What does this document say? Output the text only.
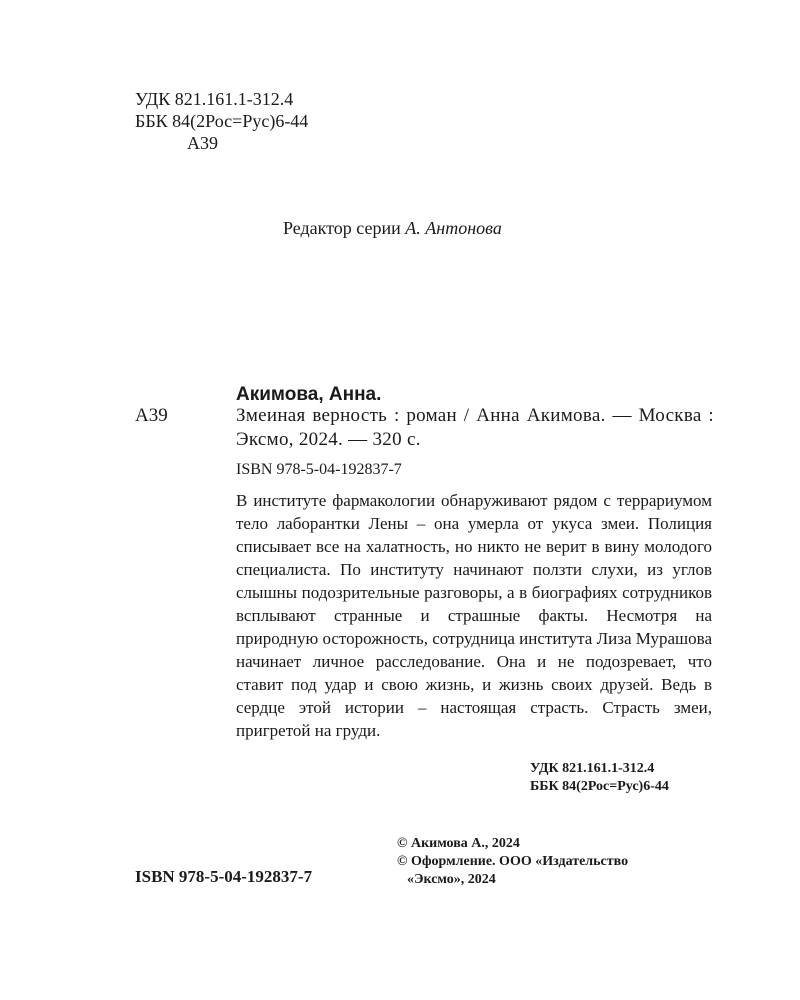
УДК 821.161.1-312.4
ББК 84(2Рос=Рус)6-44
А39
Редактор серии А. Антонова
Акимова, Анна.
А39	Змеиная верность : роман / Анна Акимова. — Москва : Эксмо, 2024. — 320 с.
ISBN 978-5-04-192837-7

В институте фармакологии обнаруживают рядом с террариумом тело лаборантки Лены – она умерла от укуса змеи. Полиция списывает все на халатность, но никто не верит в вину молодого специалиста. По институту начинают ползти слухи, из углов слышны подозрительные разговоры, а в биографиях сотрудников всплывают странные и страшные факты. Несмотря на природную осторожность, сотрудница института Лиза Мурашова начинает личное расследование. Она и не подозревает, что ставит под удар и свою жизнь, и жизнь своих друзей. Ведь в сердце этой истории – настоящая страсть. Страсть змеи, пригретой на груди.

УДК 821.161.1-312.4
ББК 84(2Рос=Рус)6-44
© Акимова А., 2024
© Оформление. ООО «Издательство
«Эксмо», 2024
ISBN 978-5-04-192837-7
